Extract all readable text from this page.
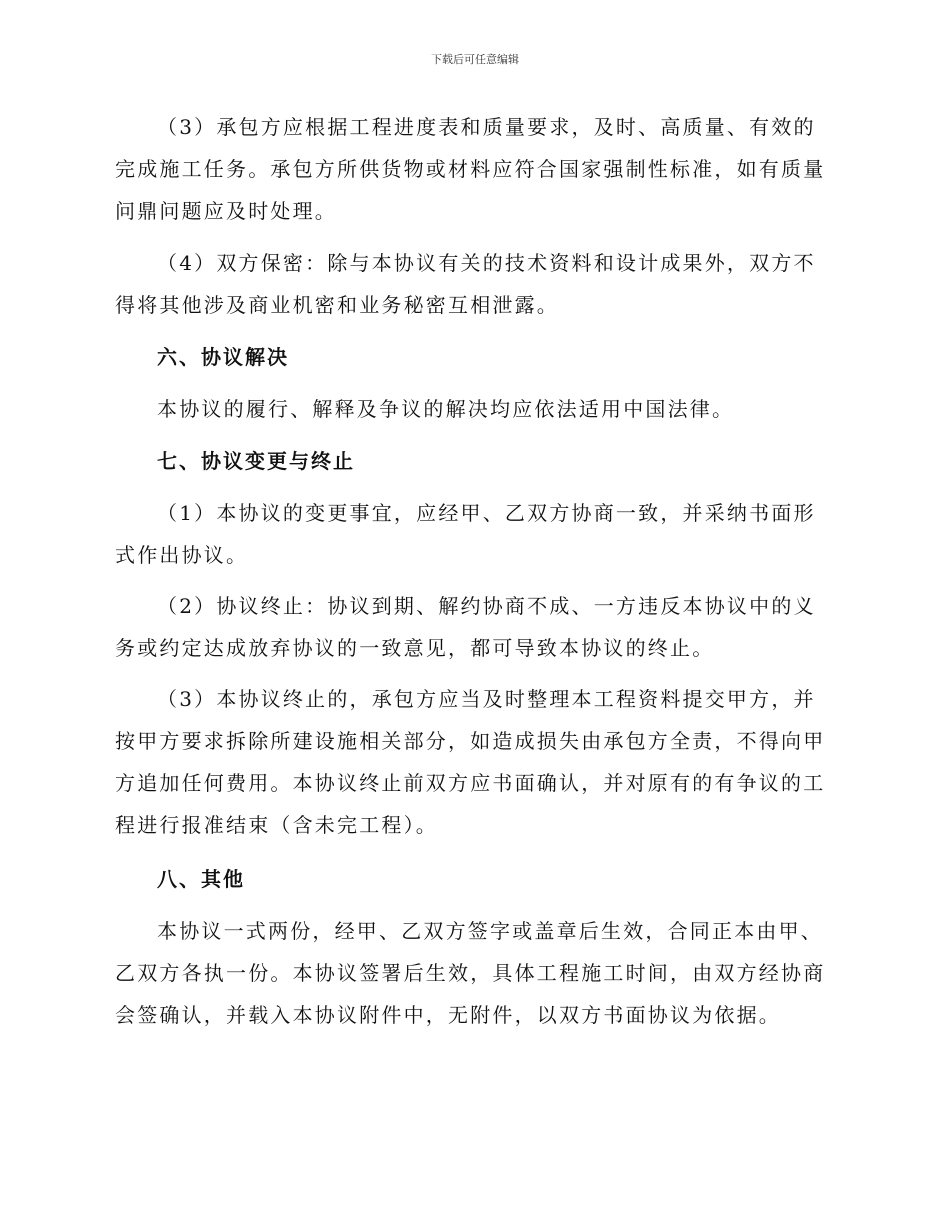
下载后可任意编辑

（3）承包方应根据工程进度表和质量要求，及时、高质量、有效的完成施工任务。承包方所供货物或材料应符合国家强制性标准，如有质量问鼎问题应及时处理。

（4）双方保密：除与本协议有关的技术资料和设计成果外，双方不得将其他涉及商业机密和业务秘密互相泄露。

六、协议解决

本协议的履行、解释及争议的解决均应依法适用中国法律。

七、协议变更与终止

（1）本协议的变更事宜，应经甲、乙双方协商一致，并采纳书面形式作出协议。

（2）协议终止：协议到期、解约协商不成、一方违反本协议中的义务或约定达成放弃协议的一致意见，都可导致本协议的终止。

（3）本协议终止的，承包方应当及时整理本工程资料提交甲方，并按甲方要求拆除所建设施相关部分，如造成损失由承包方全责，不得向甲方追加任何费用。本协议终止前双方应书面确认，并对原有的有争议的工程进行报准结束（含未完工程）。

八、其他

本协议一式两份，经甲、乙双方签字或盖章后生效，合同正本由甲、乙双方各执一份。本协议签署后生效，具体工程施工时间，由双方经协商会签确认，并载入本协议附件中，无附件，以双方书面协议为依据。
